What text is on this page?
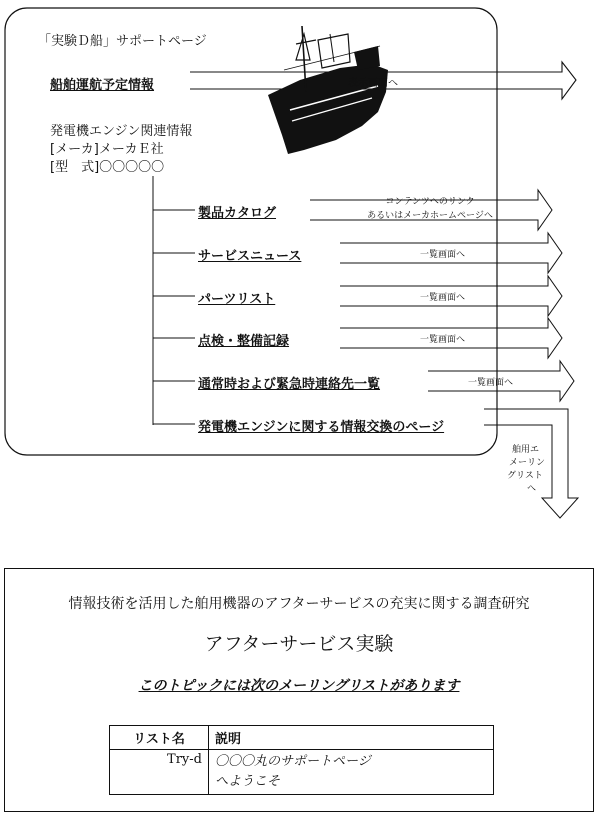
「実験Ｄ船」サポートページ
船舶運航予定情報	表示画面へ
発電機エンジン関連情報
[メーカ]メーカＥ社
[型　式]〇〇〇〇〇
製品カタログ
コンテンツへのリンク
あるいはメーカホームページへ
サービスニュース	一覧画面へ
パーツリスト	一覧画面へ
点検・整備記録	一覧画面へ
通常時および緊急時連絡先一覧	一覧画面へ
発電機エンジンに関する情報交換のページ
舶用エ
メーリン
グリスト
へ
情報技術を活用した舶用機器のアフターサービスの充実に関する調査研究
アフターサービス実験
このトピックには次のメーリングリストがあります
リスト名	説明
Try-d	〇〇〇丸のサポートページ
へようこそ
